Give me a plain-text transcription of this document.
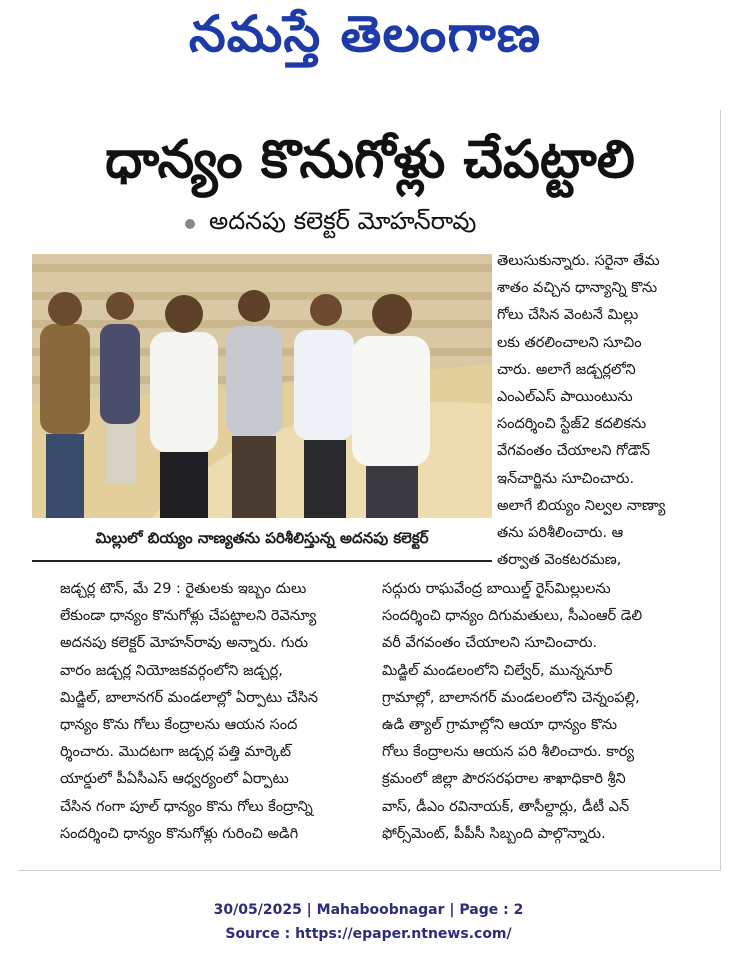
నమస్తే తెలంగాణ
ధాన్యం కొనుగోళ్లు చేపట్టాలి
అదనపు కలెక్టర్ మోహన్‌రావు
మిల్లులో బియ్యం నాణ్యతను పరిశీలిస్తున్న అదనపు కలెక్టర్

తెలుసుకున్నారు. సరైనా తేమ

శాతం వచ్చిన ధాన్యాన్ని కొను

గోలు చేసిన వెంటనే మిల్లు

లకు తరలించాలని సూచిం

చారు. అలాగే జడ్చర్లలోని

ఎంఎల్ఎస్ పాయింటును

సందర్శించి స్టేజ్2 కదలికను

వేగవంతం చేయాలని గోడౌన్

ఇన్‌చార్జిను సూచించారు.

అలాగే బియ్యం నిల్వల నాణ్యా

తను పరిశీలించారు. ఆ

తర్వాత వెంకటరమణ,

జడ్చర్ల టౌన్, మే 29 : రైతులకు ఇబ్బం దులు

లేకుండా ధాన్యం కొనుగోళ్లు చేపట్టాలని రెవెన్యూ

అదనపు కలెక్టర్ మోహన్‌రావు అన్నారు. గురు

వారం జడ్చర్ల నియోజకవర్గంలోని జడ్చర్ల,

మిడ్జిల్, బాలానగర్ మండలాల్లో ఏర్పాటు చేసిన

ధాన్యం కొను గోలు కేంద్రాలను ఆయన సంద

ర్శించారు. మొదటగా జడ్చర్ల పత్తి మార్కెట్

యార్డులో పీఏసీఎస్ ఆధ్వర్యంలో ఏర్పాటు

చేసిన గంగా పూల్ ధాన్యం కొను గోలు కేంద్రాన్ని

సందర్శించి ధాన్యం కొనుగోళ్లు గురించి అడిగి

సద్గురు రాఘవేంద్ర బాయిల్డ్ రైస్‌మిల్లులను

సందర్శించి ధాన్యం దిగుమతులు, సీఎంఆర్ డెలి

వరీ వేగవంతం చేయాలని సూచించారు.

మిడ్జిల్ మండలంలోని చిల్వేర్, మున్ననూర్

గ్రామాల్లో, బాలానగర్ మండలంలోని చెన్నంపల్లి,

ఉడి త్యాల్ గ్రామాల్లోని ఆయా ధాన్యం కొను

గోలు కేంద్రాలను ఆయన పరి శీలించారు. కార్య

క్రమంలో జిల్లా పౌరసరఫరాల శాఖాధికారి శ్రీని

వాస్, డీఎం రవినాయక్, తాసీల్దార్లు, డీటీ ఎన్

ఫోర్స్‌మెంట్, పీపీసీ సిబ్బంది పాల్గొన్నారు.

30/05/2025 | Mahaboobnagar | Page : 2
Source : https://epaper.ntnews.com/
